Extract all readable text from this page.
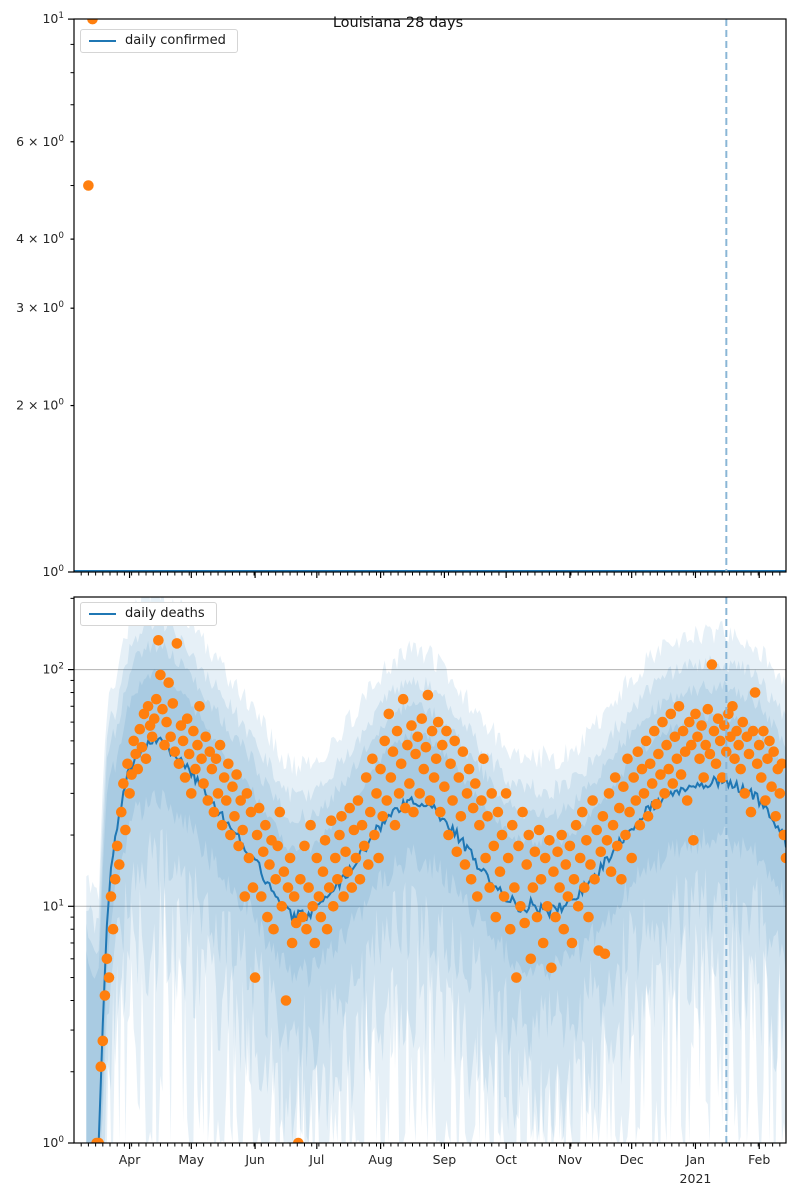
Apr	May	Jun	Jul	Aug	Sep	Oct	Nov	Dec	Jan
2021
Feb
$10^0$
$2 \times 10^0$
$3 \times 10^0$
$4 \times 10^0$
$6 \times 10^0$
$10^1$
$10^0$
$10^1$
$10^2$
Louisiana 28 days
daily confirmed
daily deaths
